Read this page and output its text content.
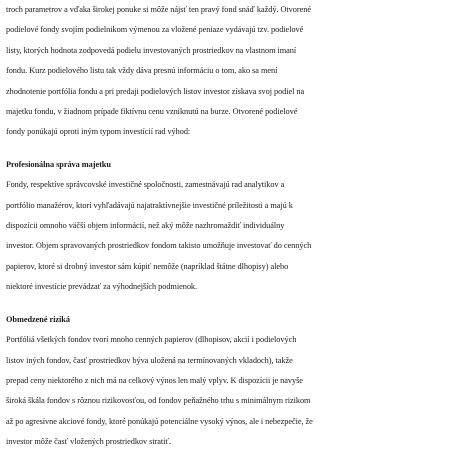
troch parametrov a vďaka širokej ponuke si môže nájsť ten pravý fond snáď každý. Otvorené
podielové fondy svojím podielnikom výmenou za vložené peniaze vydávajú tzv. podielové
listy, ktorých hodnota zodpovedá podielu investovaných prostriedkov na vlastnom imaní
fondu. Kurz podielového listu tak vždy dáva presnú informáciu o tom, ako sa mení
zhodnotenie portfólia fondu a pri predaji podielových listov investor získava svoj podiel na
majetku fondu, v žiadnom prípade fiktívnu cenu vzniknutú na burze. Otvorené podielové
fondy ponúkajú oproti iným typom investícií rad výhod:
Profesionálna správa majetku
Fondy, respektíve správcovské investičné spoločnosti, zamestnávajú rad analytikov a
portfólio manažérov, ktorí vyhľadávajú najatraktívnejšie investičné príležitosti a majú k
dispozícii omnoho väčší objem informácií, než aký môže nazhromaždiť individuálny
investor. Objem spravovaných prostriedkov fondom takisto umožňuje investovať do cenných
papierov, ktoré si drobný investor sám kúpiť nemôže (napríklad štátne dlhopisy) alebo
niektoré investície prevádzať za výhodnejších podmienok.
Obmedzené riziká
Portfóliá všetkých fondov tvorí mnoho cenných papierov (dlhopisov, akcií i podielových
listov iných fondov, časť prostriedkov býva uložená na termínovaných vkladoch), takže
prepad ceny niektorého z nich má na celkový výnos len malý vplyv. K dispozícii je navyše
široká škála fondov s rôznou rizikovosťou, od fondov peňažného trhu s minimálnym rizikom
až po agresívne akciové fondy, ktoré ponúkajú potenciálne vysoký výnos, ale i nebezpečie, že
investor môže časť vložených prostriedkov stratiť.
